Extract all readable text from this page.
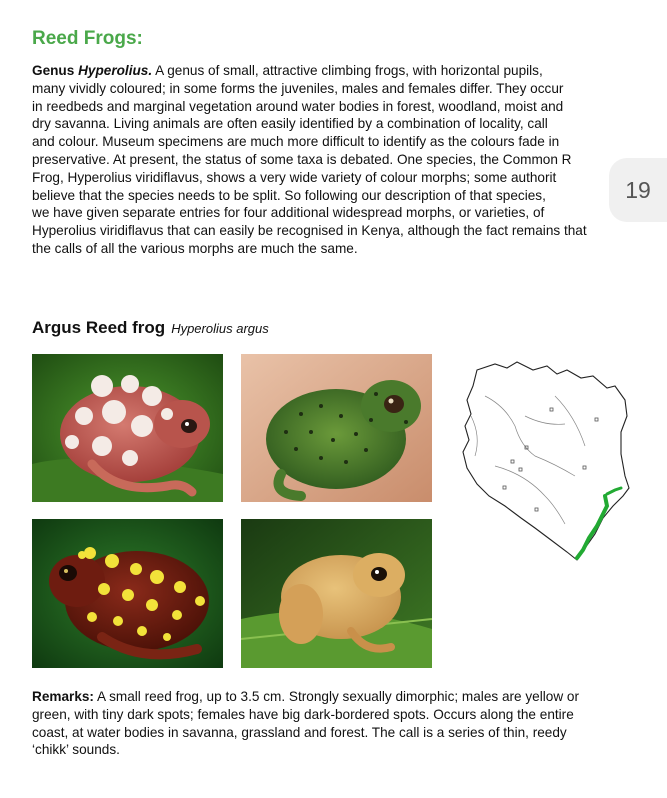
Reed Frogs:
Genus Hyperolius. A genus of small, attractive climbing frogs, with horizontal pupils,
many vividly coloured; in some forms the juveniles, males and females differ. They occur
in reedbeds and marginal vegetation around water bodies in forest, woodland, moist and
dry savanna. Living animals are often easily identified by a combination of locality, call
and colour. Museum specimens are much more difficult to identify as the colours fade in
preservative. At present, the status of some taxa is debated. One species, the Common R
Frog, Hyperolius viridiflavus, shows a very wide variety of colour morphs; some authorit
believe that the species needs to be split. So following our description of that species,
we have given separate entries for four additional widespread morphs, or varieties, of
Hyperolius viridiflavus that can easily be recognised in Kenya, although the fact remains that
the calls of all the various morphs are much the same.
19
Argus Reed frog Hyperolius argus
Remarks: A small reed frog, up to 3.5 cm. Strongly sexually dimorphic; males are yellow or
green, with tiny dark spots; females have big dark-bordered spots. Occurs along the entire
coast, at water bodies in savanna, grassland and forest. The call is a series of thin, reedy
‘chikk’ sounds.
